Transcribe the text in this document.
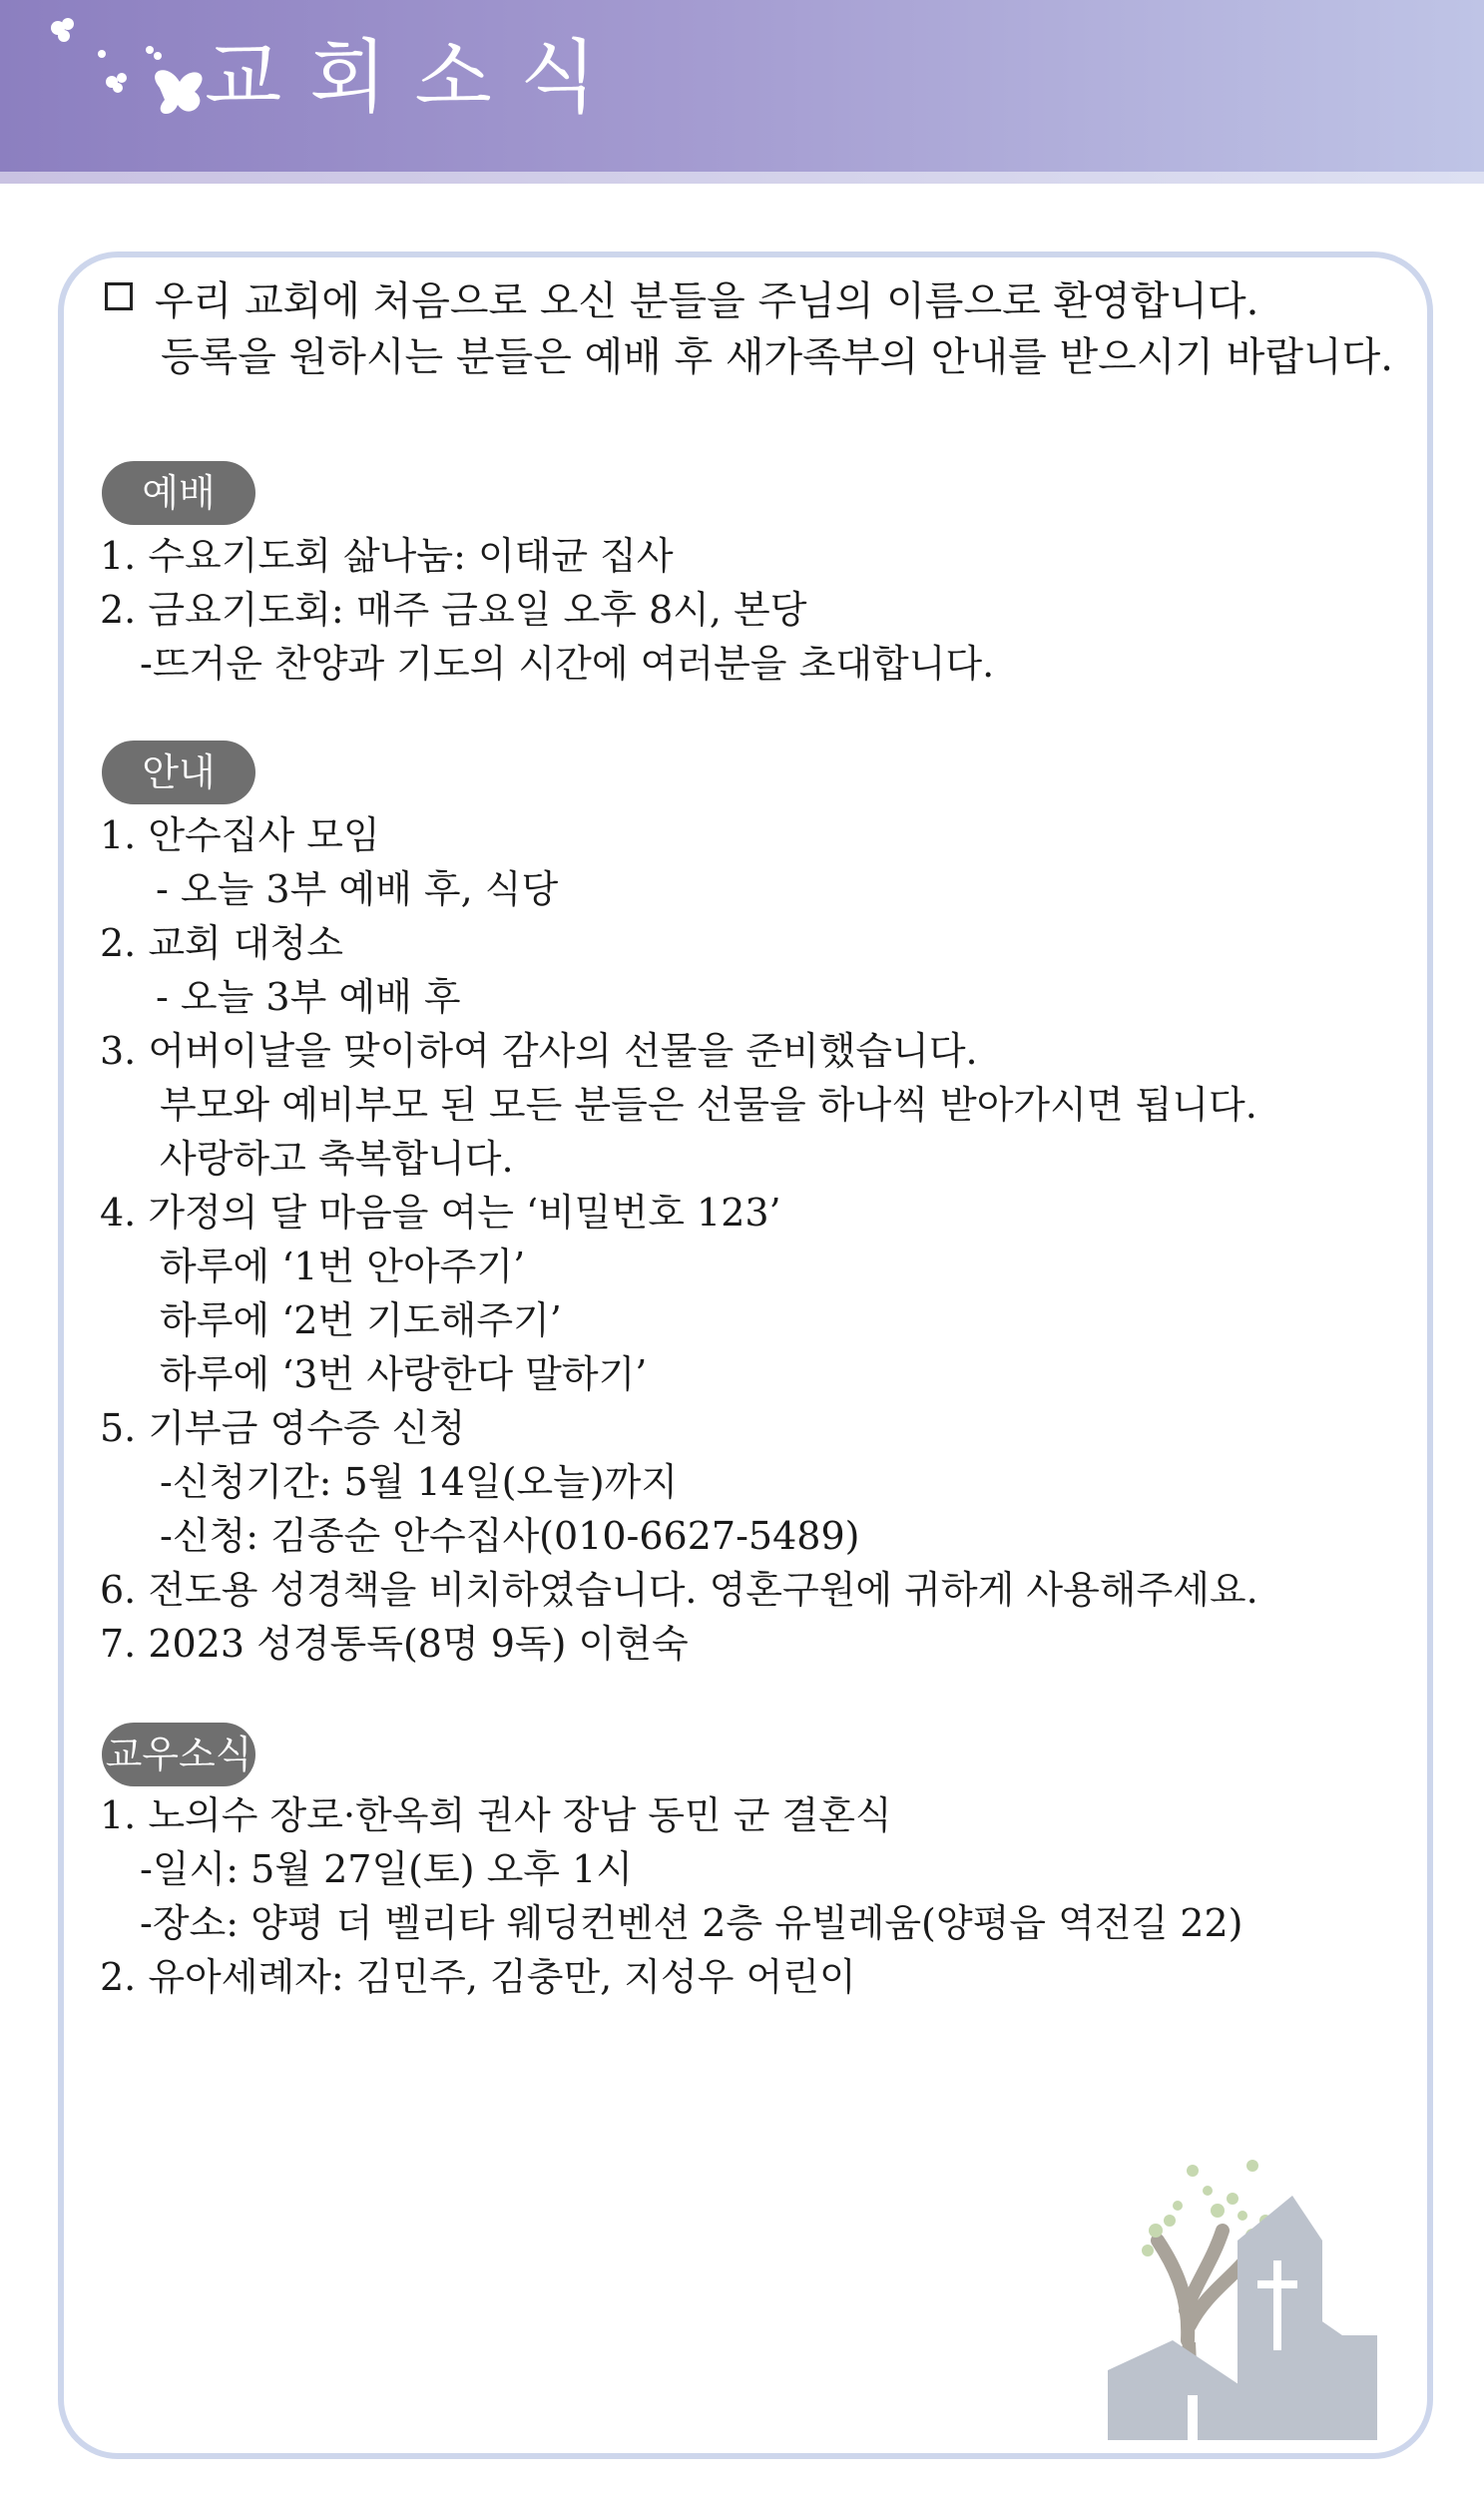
교회소식
우리 교회에 처음으로 오신 분들을 주님의 이름으로 환영합니다.
등록을 원하시는 분들은 예배 후 새가족부의 안내를 받으시기 바랍니다.
예배
1. 수요기도회 삶나눔: 이태균 집사
2. 금요기도회: 매주 금요일 오후 8시, 본당
-뜨거운 찬양과 기도의 시간에 여러분을 초대합니다.
안내
1. 안수집사 모임
- 오늘 3부 예배 후, 식당
2. 교회 대청소
- 오늘 3부 예배 후
3. 어버이날을 맞이하여 감사의 선물을 준비했습니다.
부모와 예비부모 된 모든 분들은 선물을 하나씩 받아가시면 됩니다.
사랑하고 축복합니다.
4. 가정의 달 마음을 여는 ‘비밀번호 123’
하루에 ‘1번 안아주기’
하루에 ‘2번 기도해주기’
하루에 ‘3번 사랑한다 말하기’
5. 기부금 영수증 신청
-신청기간: 5월 14일(오늘)까지
-신청: 김종순 안수집사(010-6627-5489)
6. 전도용 성경책을 비치하였습니다. 영혼구원에 귀하게 사용해주세요.
7. 2023 성경통독(8명 9독) 이현숙
교우소식
1. 노의수 장로·한옥희 권사 장남 동민 군 결혼식
-일시: 5월 27일(토) 오후 1시
-장소: 양평 더 벨리타 웨딩컨벤션 2층 유빌레움(양평읍 역전길 22)
2. 유아세례자: 김민주, 김충만, 지성우 어린이
